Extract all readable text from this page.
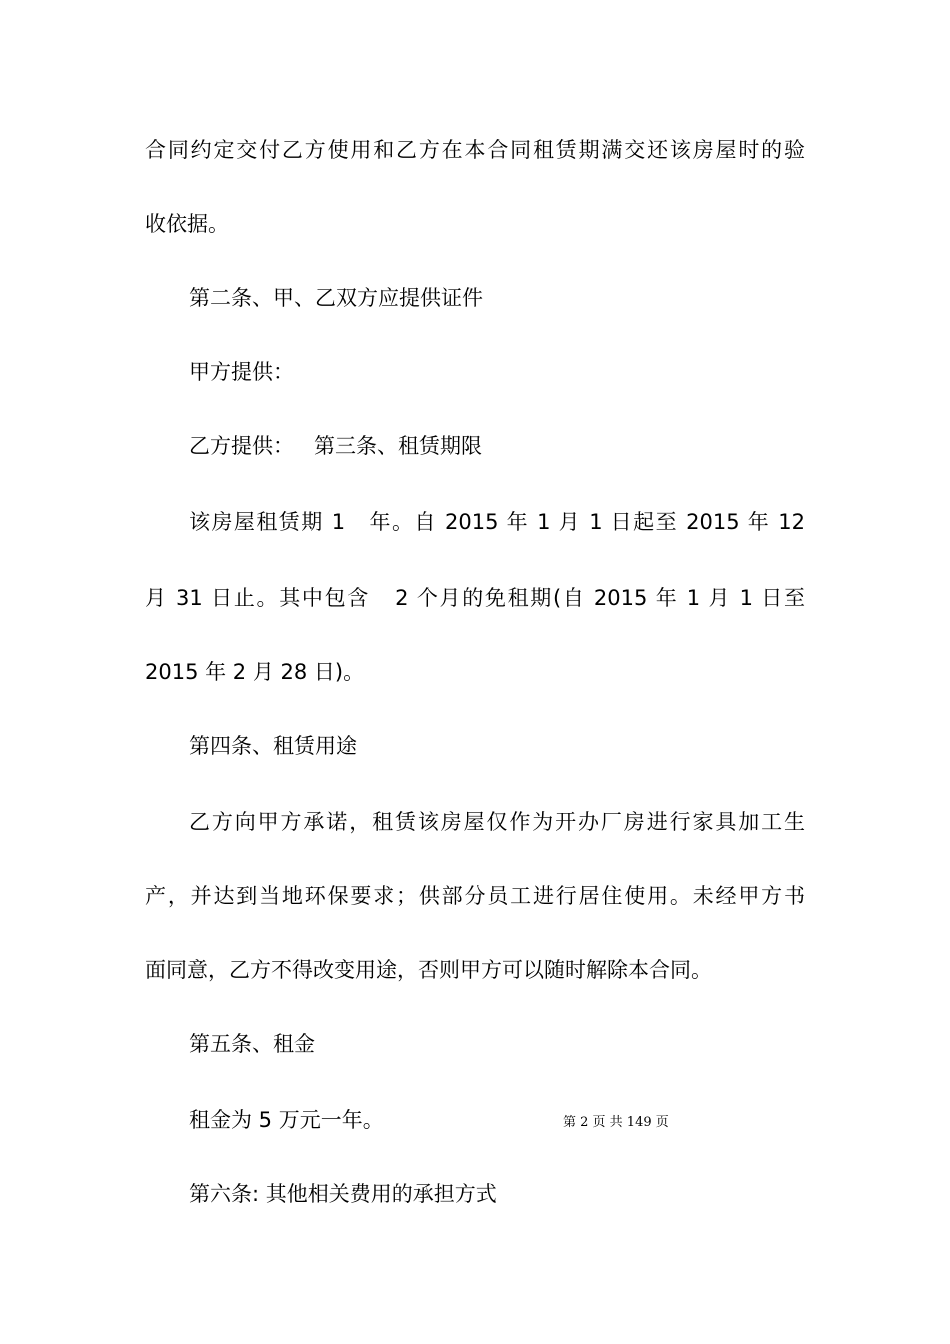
合同约定交付乙方使用和乙方在本合同租赁期满交还该房屋时的验

收依据。

第二条、甲、乙双方应提供证件

甲方提供：

乙方提供：   第三条、租赁期限

该房屋租赁期 1   年。自 2015 年 1 月 1 日起至 2015 年 12

月 31 日止。其中包含   2 个月的免租期(自 2015 年 1 月 1 日至

2015 年 2 月 28 日)。

第四条、租赁用途

乙方向甲方承诺，租赁该房屋仅作为开办厂房进行家具加工生

产，并达到当地环保要求；供部分员工进行居住使用。未经甲方书

面同意，乙方不得改变用途，否则甲方可以随时解除本合同。

第五条、租金

租金为 5 万元一年。

第六条: 其他相关费用的承担方式

第 2 页 共 149 页
